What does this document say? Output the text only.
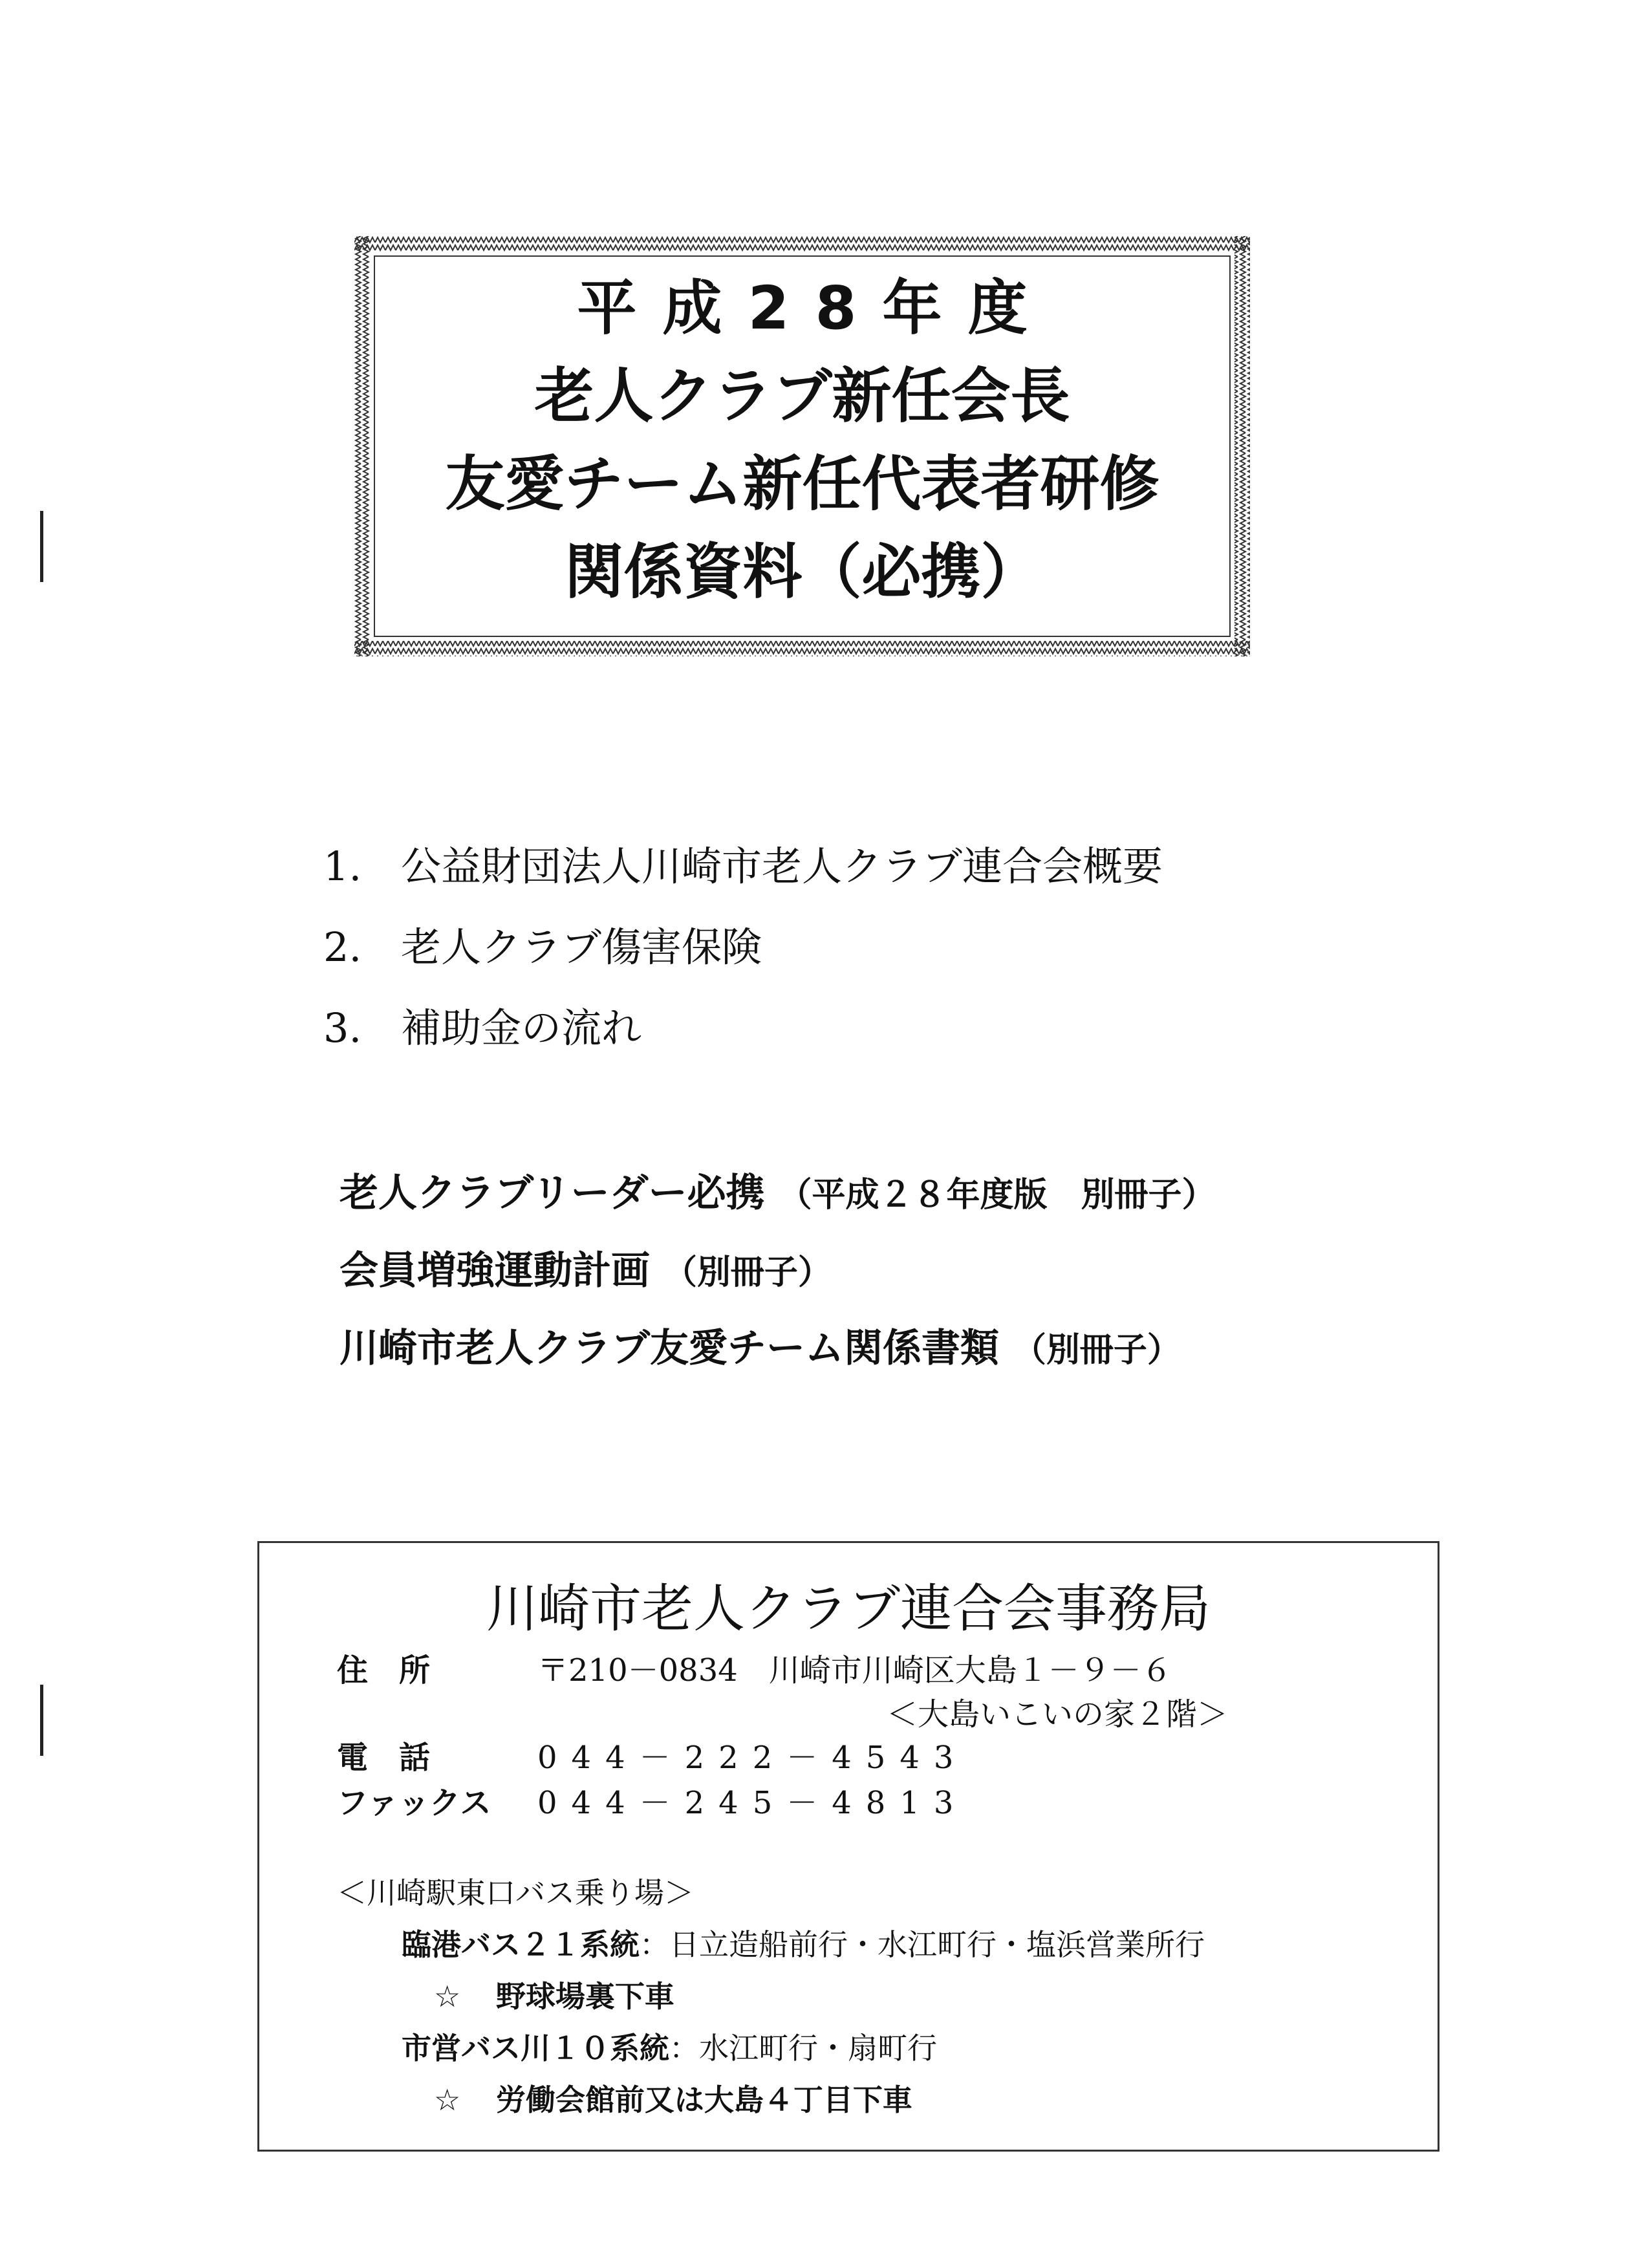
平成28年度
老人クラブ新任会長
友愛チーム新任代表者研修
関係資料（必携）
1. 公益財団法人川崎市老人クラブ連合会概要
2. 老人クラブ傷害保険
3. 補助金の流れ
老人クラブリーダー必携 （平成２８年度版　別冊子）
会員増強運動計画 （別冊子）
川崎市老人クラブ友愛チーム関係書類 （別冊子）
川崎市老人クラブ連合会事務局
住　所	〒210－0834　川崎市川崎区大島１－９－６
＜大島いこいの家２階＞
電　話	044－222－4543
ファックス 044－245－4813
＜川崎駅東口バス乗り場＞
臨港バス２１系統：日立造船前行・水江町行・塩浜営業所行
☆ 野球場裏下車
市営バス川１０系統：水江町行・扇町行
☆ 労働会館前又は大島４丁目下車
